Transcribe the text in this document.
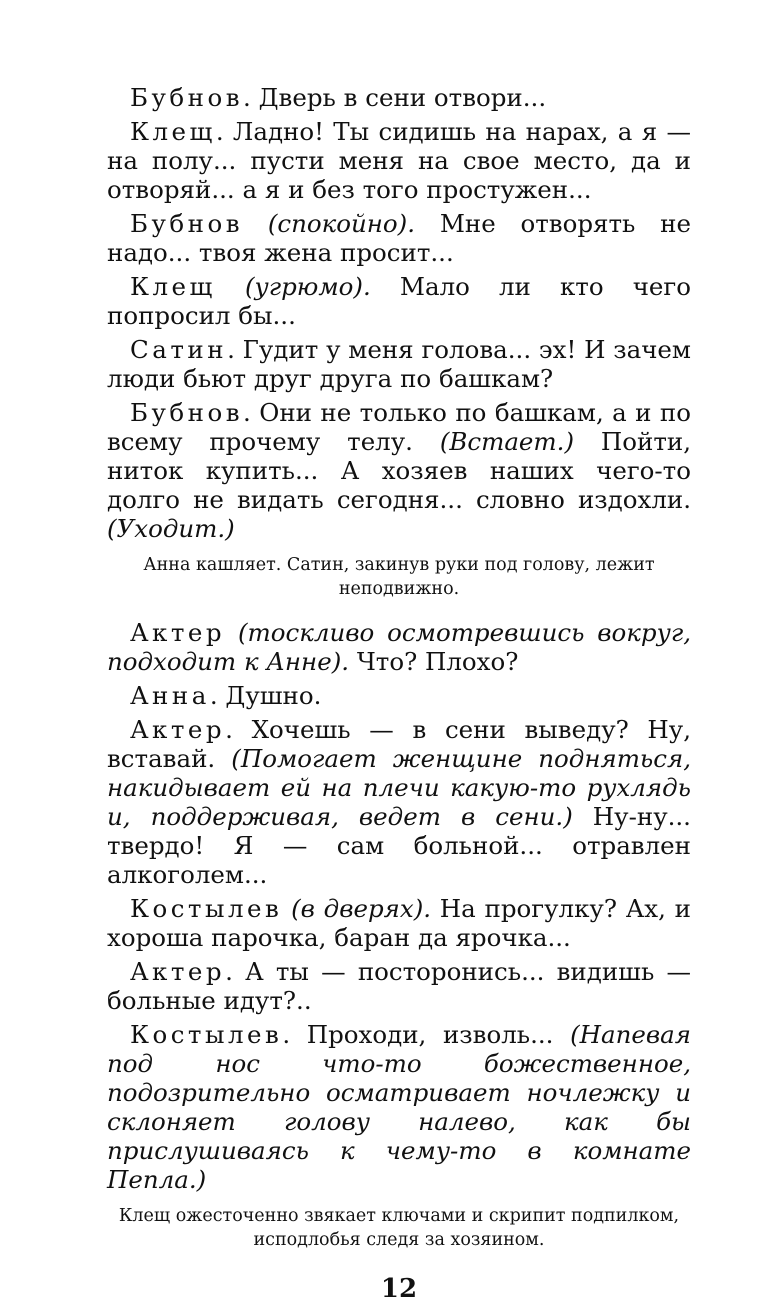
Бубнов. Дверь в сени отвори...

Клещ. Ладно! Ты сидишь на нарах, а я — на полу... пусти меня на свое место, да и отворяй... а я и без того простужен...

Бубнов (спокойно). Мне отворять не надо... твоя жена просит...

Клещ (угрюмо). Мало ли кто чего попросил бы...

Сатин. Гудит у меня голова... эх! И зачем люди бьют друг друга по башкам?

Бубнов. Они не только по башкам, а и по всему прочему телу. (Встает.) Пойти, ниток купить... А хозяев наших чего-то долго не видать сегодня... словно издохли. (Уходит.)

Анна кашляет. Сатин, закинув руки под голову, лежит неподвижно.

Актер (тоскливо осмотревшись вокруг, подходит к Анне). Что? Плохо?

Анна. Душно.

Актер. Хочешь — в сени выведу? Ну, вставай. (Помогает женщине подняться, накидывает ей на плечи какую-то рухлядь и, поддерживая, ведет в сени.) Ну-ну... твердо! Я — сам больной... отравлен алкоголем...

Костылев (в дверях). На прогулку? Ах, и хороша парочка, баран да ярочка...

Актер. А ты — посторонись... видишь — больные идут?..

Костылев. Проходи, изволь... (Напевая под нос что-то божественное, подозрительно осматривает ночлежку и склоняет голову налево, как бы прислушиваясь к чему-то в комнате Пепла.)

Клещ ожесточенно звякает ключами и скрипит подпилком, исподлобья следя за хозяином.

12
